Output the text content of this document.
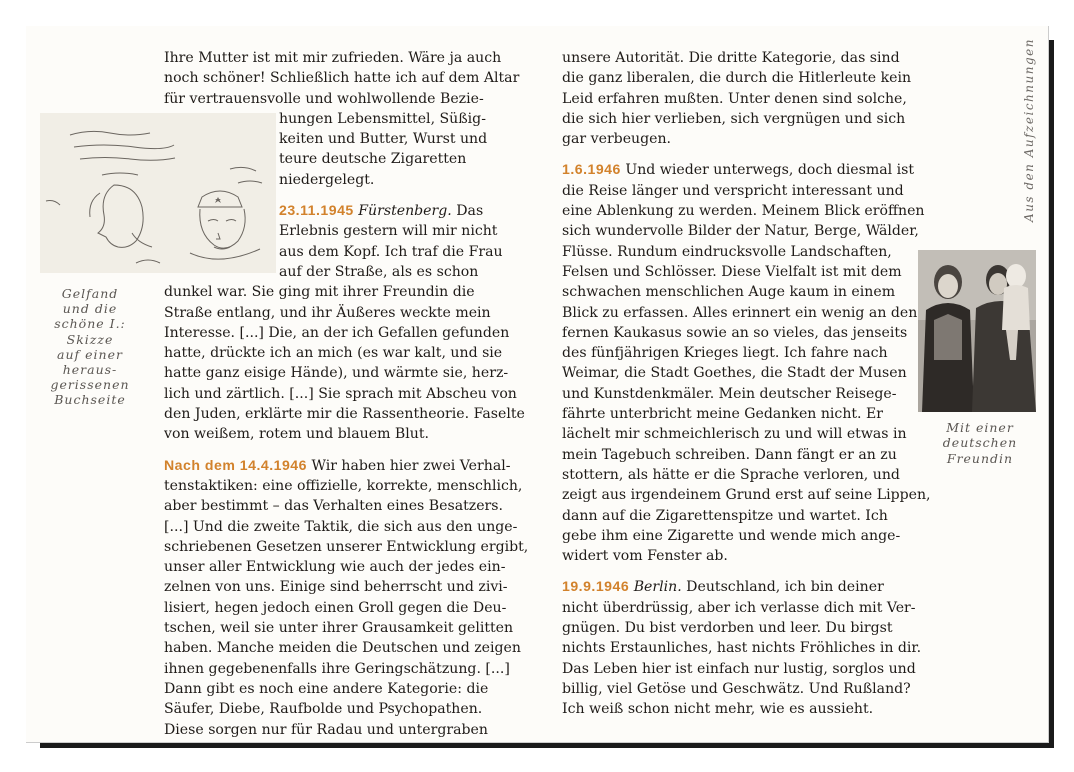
Gelfand
und die
schöne I.:
Skizze
auf einer
heraus-
gerissenen
Buchseite
Mit einer
deutschen
Freundin
Aus den Aufzeichnungen
Ihre Mutter ist mit mir zufrieden. Wäre ja auch
noch schöner! Schließlich hatte ich auf dem Altar
für vertrauensvolle und wohlwollende Bezie-
hungen Lebensmittel, Süßig-
keiten und Butter, Wurst und
teure deutsche Zigaretten
niedergelegt.
23.11.1945 Fürstenberg. Das
Erlebnis gestern will mir nicht
aus dem Kopf. Ich traf die Frau
auf der Straße, als es schon
dunkel war. Sie ging mit ihrer Freundin die
Straße entlang, und ihr Äußeres weckte mein
Interesse. [...] Die, an der ich Gefallen gefunden
hatte, drückte ich an mich (es war kalt, und sie
hatte ganz eisige Hände), und wärmte sie, herz-
lich und zärtlich. [...] Sie sprach mit Abscheu von
den Juden, erklärte mir die Rassentheorie. Faselte
von weißem, rotem und blauem Blut.
Nach dem 14.4.1946 Wir haben hier zwei Verhal-
tenstaktiken: eine offizielle, korrekte, menschlich,
aber bestimmt – das Verhalten eines Besatzers.
[...] Und die zweite Taktik, die sich aus den unge-
schriebenen Gesetzen unserer Entwicklung ergibt,
unser aller Entwicklung wie auch der jedes ein-
zelnen von uns. Einige sind beherrscht und zivi-
lisiert, hegen jedoch einen Groll gegen die Deu-
tschen, weil sie unter ihrer Grausamkeit gelitten
haben. Manche meiden die Deutschen und zeigen
ihnen gegebenenfalls ihre Geringschätzung. [...]
Dann gibt es noch eine andere Kategorie: die
Säufer, Diebe, Raufbolde und Psychopathen.
Diese sorgen nur für Radau und untergraben
unsere Autorität. Die dritte Kategorie, das sind
die ganz liberalen, die durch die Hitlerleute kein
Leid erfahren mußten. Unter denen sind solche,
die sich hier verlieben, sich vergnügen und sich
gar verbeugen.
1.6.1946 Und wieder unterwegs, doch diesmal ist
die Reise länger und verspricht interessant und
eine Ablenkung zu werden. Meinem Blick eröffnen
sich wundervolle Bilder der Natur, Berge, Wälder,
Flüsse. Rundum eindrucksvolle Landschaften,
Felsen und Schlösser. Diese Vielfalt ist mit dem
schwachen menschlichen Auge kaum in einem
Blick zu erfassen. Alles erinnert ein wenig an den
fernen Kaukasus sowie an so vieles, das jenseits
des fünfjährigen Krieges liegt. Ich fahre nach
Weimar, die Stadt Goethes, die Stadt der Musen
und Kunstdenkmäler. Mein deutscher Reisege-
fährte unterbricht meine Gedanken nicht. Er
lächelt mir schmeichlerisch zu und will etwas in
mein Tagebuch schreiben. Dann fängt er an zu
stottern, als hätte er die Sprache verloren, und
zeigt aus irgendeinem Grund erst auf seine Lippen,
dann auf die Zigarettenspitze und wartet. Ich
gebe ihm eine Zigarette und wende mich ange-
widert vom Fenster ab.
19.9.1946 Berlin. Deutschland, ich bin deiner
nicht überdrüssig, aber ich verlasse dich mit Ver-
gnügen. Du bist verdorben und leer. Du birgst
nichts Erstaunliches, hast nichts Fröhliches in dir.
Das Leben hier ist einfach nur lustig, sorglos und
billig, viel Getöse und Geschwätz. Und Rußland?
Ich weiß schon nicht mehr, wie es aussieht.
